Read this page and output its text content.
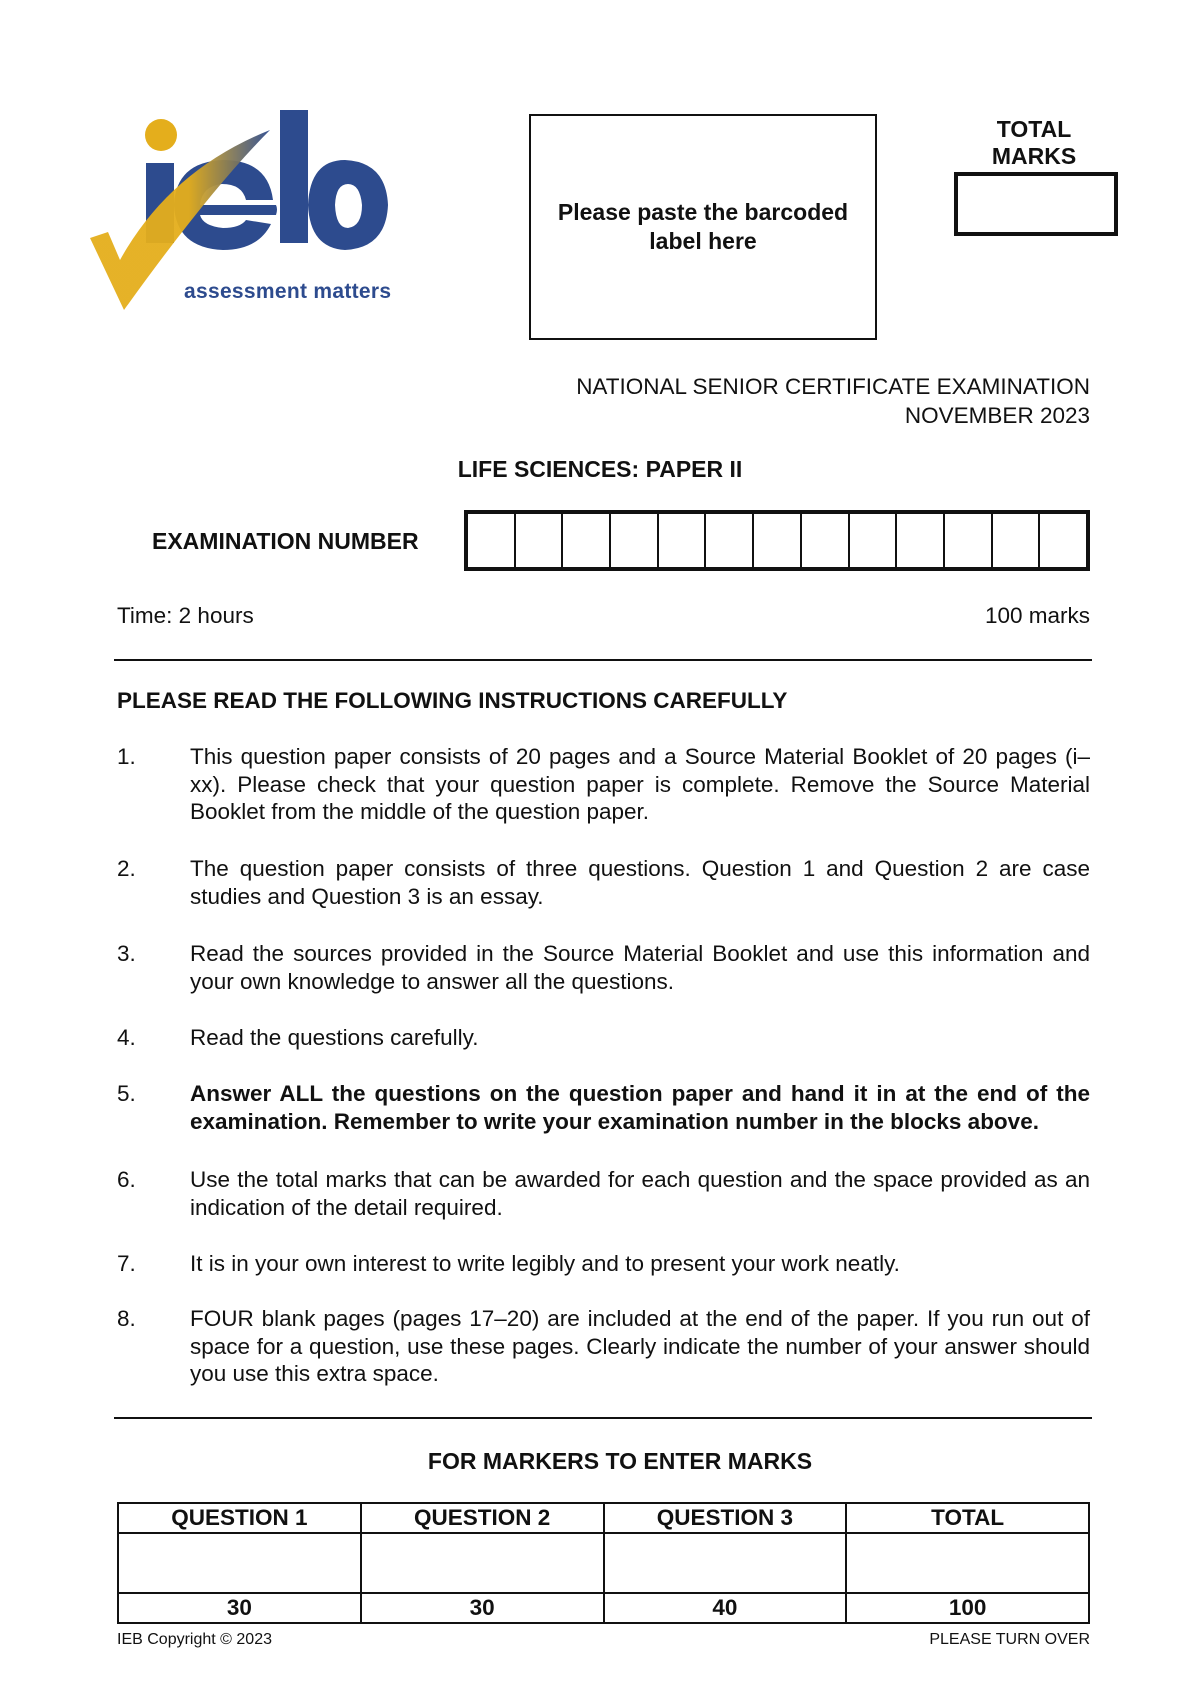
assessment matters
Please paste the barcoded label here
TOTAL
MARKS
NATIONAL SENIOR CERTIFICATE EXAMINATION
NOVEMBER 2023
LIFE SCIENCES: PAPER II
EXAMINATION NUMBER
Time: 2 hours	100 marks
PLEASE READ THE FOLLOWING INSTRUCTIONS CAREFULLY
1. This question paper consists of 20 pages and a Source Material Booklet of 20 pages (i–xx). Please check that your question paper is complete. Remove the Source Material Booklet from the middle of the question paper.
2. The question paper consists of three questions. Question 1 and Question 2 are case studies and Question 3 is an essay.
3. Read the sources provided in the Source Material Booklet and use this information and your own knowledge to answer all the questions.
4. Read the questions carefully.
5. Answer ALL the questions on the question paper and hand it in at the end of the examination. Remember to write your examination number in the blocks above.
6. Use the total marks that can be awarded for each question and the space provided as an indication of the detail required.
7. It is in your own interest to write legibly and to present your work neatly.
8. FOUR blank pages (pages 17–20) are included at the end of the paper. If you run out of space for a question, use these pages. Clearly indicate the number of your answer should you use this extra space.
FOR MARKERS TO ENTER MARKS
QUESTION 1	QUESTION 2	QUESTION 3	TOTAL

30	30	40	100
IEB Copyright © 2023	PLEASE TURN OVER
